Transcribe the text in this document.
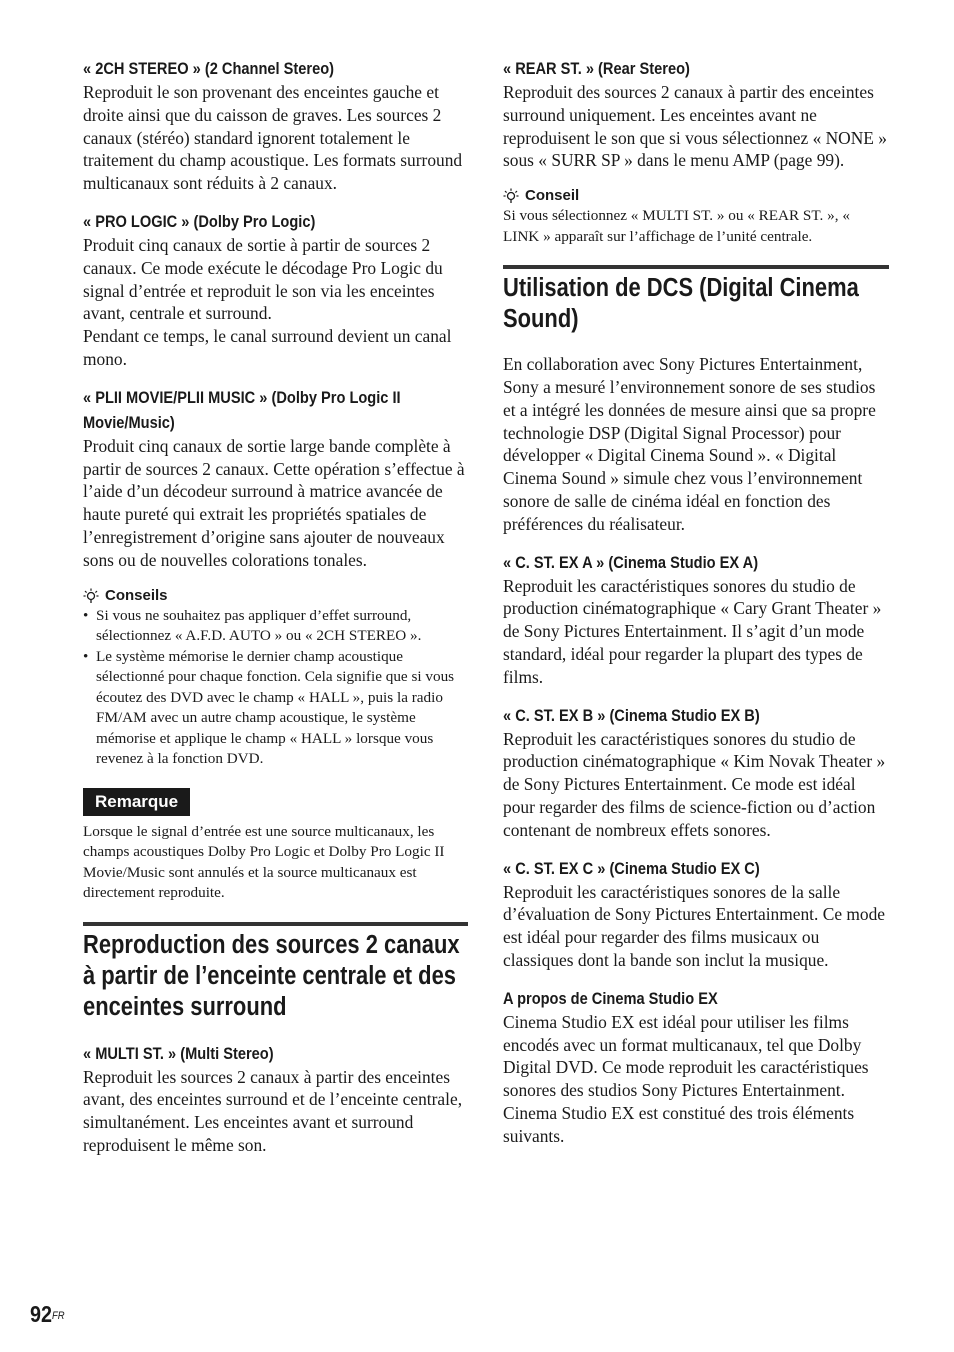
« 2CH STEREO » (2 Channel Stereo)

Reproduit le son provenant des enceintes gauche et droite ainsi que du caisson de graves. Les sources 2 canaux (stéréo) standard ignorent totalement le traitement du champ acoustique. Les formats surround multicanaux sont réduits à 2 canaux.

« PRO LOGIC » (Dolby Pro Logic)

Produit cinq canaux de sortie à partir de sources 2 canaux. Ce mode exécute le décodage Pro Logic du signal d’entrée et reproduit le son via les enceintes avant, centrale et surround.

Pendant ce temps, le canal surround devient un canal mono.

« PLII MOVIE/PLII MUSIC » (Dolby Pro Logic II Movie/Music)

Produit cinq canaux de sortie large bande complète à partir de sources 2 canaux. Cette opération s’effectue à l’aide d’un décodeur surround à matrice avancée de haute pureté qui extrait les propriétés spatiales de l’enregistrement d’origine sans ajouter de nouveaux sons ou de nouvelles colorations tonales.

Conseils
• Si vous ne souhaitez pas appliquer d’effet surround, sélectionnez « A.F.D. AUTO » ou « 2CH STEREO ».
• Le système mémorise le dernier champ acoustique sélectionné pour chaque fonction. Cela signifie que si vous écoutez des DVD avec le champ « HALL », puis la radio FM/AM avec un autre champ acoustique, le système mémorise et applique le champ « HALL » lorsque vous revenez à la fonction DVD.
Remarque

Lorsque le signal d’entrée est une source multicanaux, les champs acoustiques Dolby Pro Logic et Dolby Pro Logic II Movie/Music sont annulés et la source multicanaux est directement reproduite.

Reproduction des sources 2 canaux à partir de l’enceinte centrale et des enceintes surround
« MULTI ST. » (Multi Stereo)

Reproduit les sources 2 canaux à partir des enceintes avant, des enceintes surround et de l’enceinte centrale, simultanément. Les enceintes avant et surround reproduisent le même son.

« REAR ST. » (Rear Stereo)

Reproduit des sources 2 canaux à partir des enceintes surround uniquement. Les enceintes avant ne reproduisent le son que si vous sélectionnez « NONE » sous « SURR SP » dans le menu AMP (page 99).

Conseil

Si vous sélectionnez « MULTI ST. » ou « REAR ST. », « LINK » apparaît sur l’affichage de l’unité centrale.

Utilisation de DCS (Digital Cinema Sound)

En collaboration avec Sony Pictures Entertainment, Sony a mesuré l’environnement sonore de ses studios et a intégré les données de mesure ainsi que sa propre technologie DSP (Digital Signal Processor) pour développer « Digital Cinema Sound ». « Digital Cinema Sound » simule chez vous l’environnement sonore de salle de cinéma idéal en fonction des préférences du réalisateur.

« C. ST. EX A » (Cinema Studio EX A)

Reproduit les caractéristiques sonores du studio de production cinématographique « Cary Grant Theater » de Sony Pictures Entertainment. Il s’agit d’un mode standard, idéal pour regarder la plupart des types de films.

« C. ST. EX B » (Cinema Studio EX B)

Reproduit les caractéristiques sonores du studio de production cinématographique « Kim Novak Theater » de Sony Pictures Entertainment. Ce mode est idéal pour regarder des films de science-fiction ou d’action contenant de nombreux effets sonores.

« C. ST. EX C » (Cinema Studio EX C)

Reproduit les caractéristiques sonores de la salle d’évaluation de Sony Pictures Entertainment. Ce mode est idéal pour regarder des films musicaux ou classiques dont la bande son inclut la musique.

A propos de Cinema Studio EX

Cinema Studio EX est idéal pour utiliser les films encodés avec un format multicanaux, tel que Dolby Digital DVD. Ce mode reproduit les caractéristiques sonores des studios Sony Pictures Entertainment.

Cinema Studio EX est constitué des trois éléments suivants.

$92^{FR}$
